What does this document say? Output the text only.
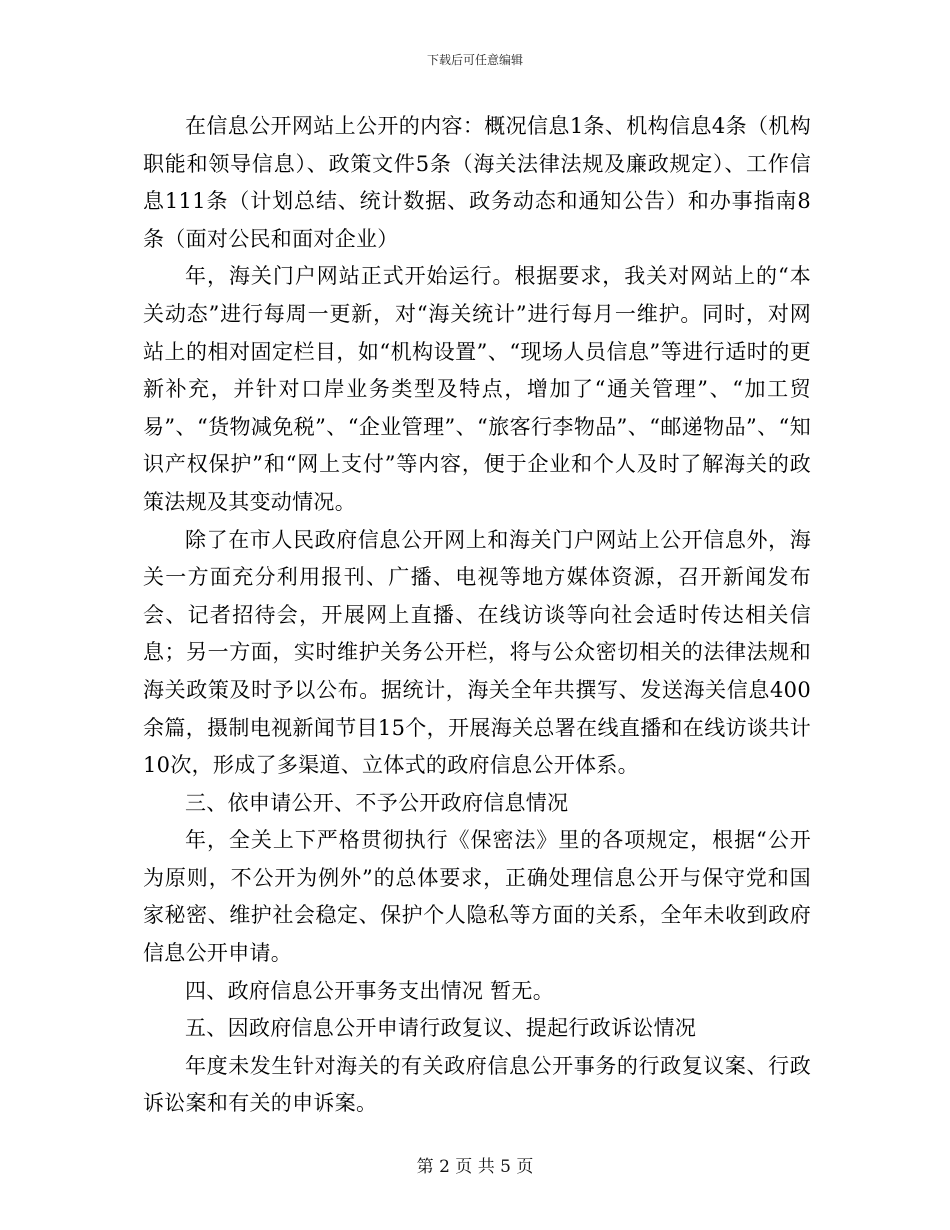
下载后可任意编辑

在信息公开网站上公开的内容：概况信息1条、机构信息4条（机构职能和领导信息）、政策文件5条（海关法律法规及廉政规定）、工作信息111条（计划总结、统计数据、政务动态和通知公告）和办事指南8条（面对公民和面对企业）

年，海关门户网站正式开始运行。根据要求，我关对网站上的“本关动态”进行每周一更新，对“海关统计”进行每月一维护。同时，对网站上的相对固定栏目，如“机构设置”、“现场人员信息”等进行适时的更新补充，并针对口岸业务类型及特点，增加了“通关管理”、“加工贸易”、“货物减免税”、“企业管理”、“旅客行李物品”、“邮递物品”、“知识产权保护”和“网上支付”等内容，便于企业和个人及时了解海关的政策法规及其变动情况。

除了在市人民政府信息公开网上和海关门户网站上公开信息外，海关一方面充分利用报刊、广播、电视等地方媒体资源，召开新闻发布会、记者招待会，开展网上直播、在线访谈等向社会适时传达相关信息；另一方面，实时维护关务公开栏，将与公众密切相关的法律法规和海关政策及时予以公布。据统计，海关全年共撰写、发送海关信息400余篇，摄制电视新闻节目15个，开展海关总署在线直播和在线访谈共计10次，形成了多渠道、立体式的政府信息公开体系。

三、依申请公开、不予公开政府信息情况

年，全关上下严格贯彻执行《保密法》里的各项规定，根据“公开为原则，不公开为例外”的总体要求，正确处理信息公开与保守党和国家秘密、维护社会稳定、保护个人隐私等方面的关系，全年未收到政府信息公开申请。

四、政府信息公开事务支出情况 暂无。

五、因政府信息公开申请行政复议、提起行政诉讼情况

年度未发生针对海关的有关政府信息公开事务的行政复议案、行政诉讼案和有关的申诉案。

第 2 页 共 5 页
